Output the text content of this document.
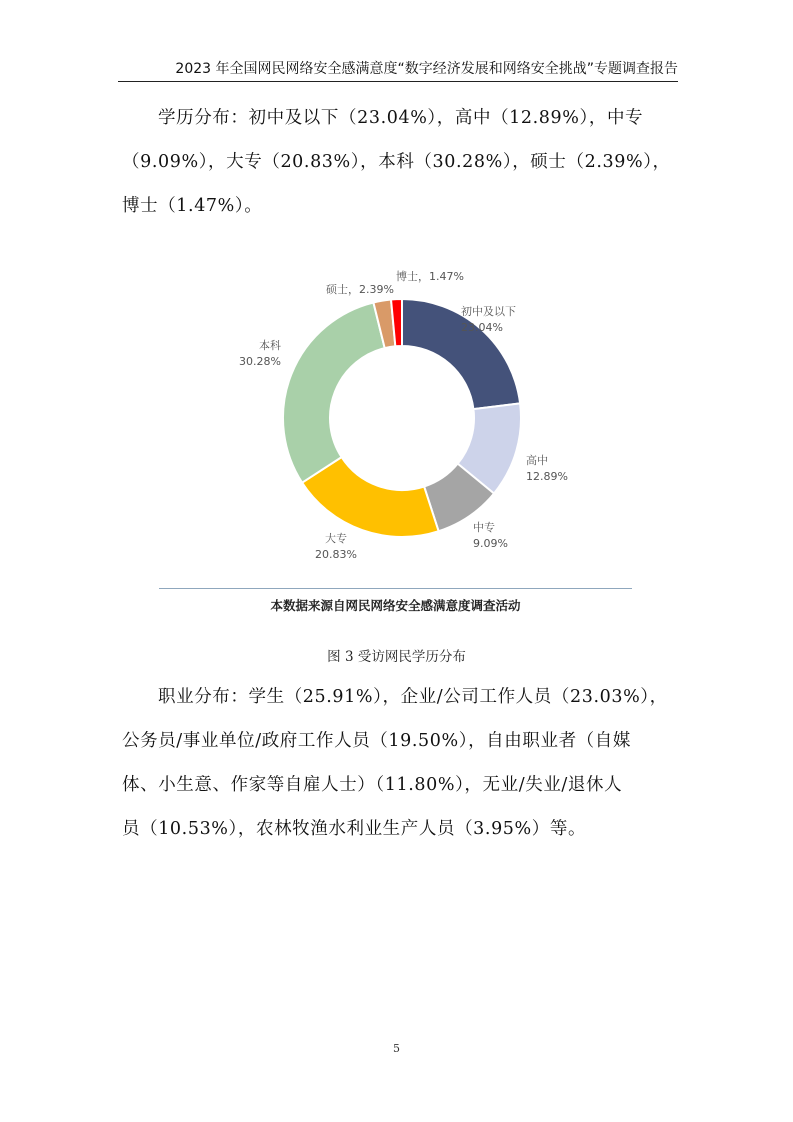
2023 年全国网民网络安全感满意度“数字经济发展和网络安全挑战”专题调查报告
学历分布：初中及以下（23.04%），高中（12.89%），中专
（9.09%），大专（20.83%），本科（30.28%），硕士（2.39%），
博士（1.47%）。
初中及以下 23.04%
高中 12.89%
中专 9.09%
大专 20.83%
本科 30.28%
硕士，2.39%
博士，1.47%
本数据来源自网民网络安全感满意度调查活动
图 3 受访网民学历分布
职业分布：学生（25.91%），企业/公司工作人员（23.03%），
公务员/事业单位/政府工作人员（19.50%），自由职业者（自媒
体、小生意、作家等自雇人士）（11.80%），无业/失业/退休人
员（10.53%），农林牧渔水利业生产人员（3.95%）等。
5
